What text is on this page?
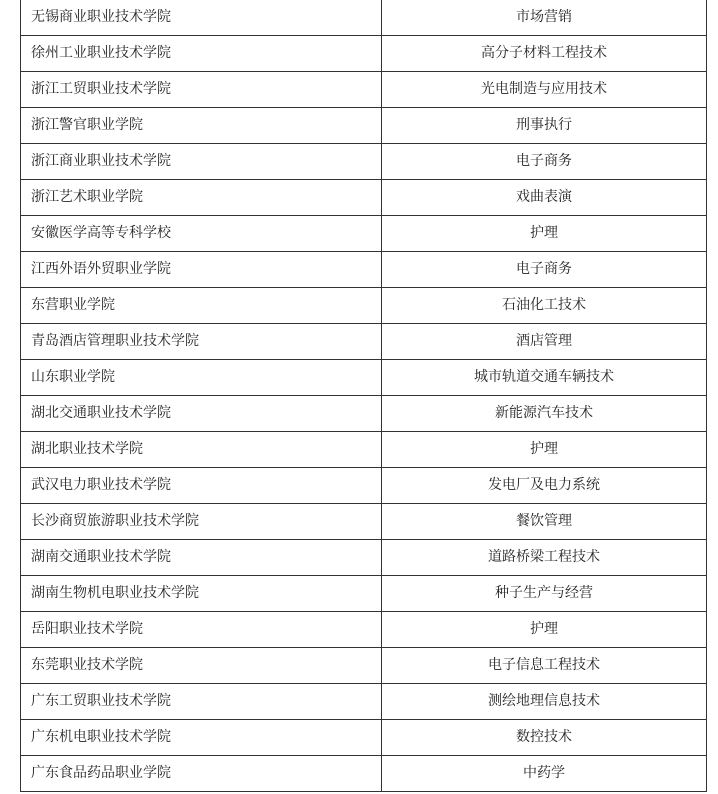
无锡商业职业技术学院	市场营销
徐州工业职业技术学院	高分子材料工程技术
浙江工贸职业技术学院	光电制造与应用技术
浙江警官职业学院	刑事执行
浙江商业职业技术学院	电子商务
浙江艺术职业学院	戏曲表演
安徽医学高等专科学校	护理
江西外语外贸职业学院	电子商务
东营职业学院	石油化工技术
青岛酒店管理职业技术学院	酒店管理
山东职业学院	城市轨道交通车辆技术
湖北交通职业技术学院	新能源汽车技术
湖北职业技术学院	护理
武汉电力职业技术学院	发电厂及电力系统
长沙商贸旅游职业技术学院	餐饮管理
湖南交通职业技术学院	道路桥梁工程技术
湖南生物机电职业技术学院	种子生产与经营
岳阳职业技术学院	护理
东莞职业技术学院	电子信息工程技术
广东工贸职业技术学院	测绘地理信息技术
广东机电职业技术学院	数控技术
广东食品药品职业学院	中药学
